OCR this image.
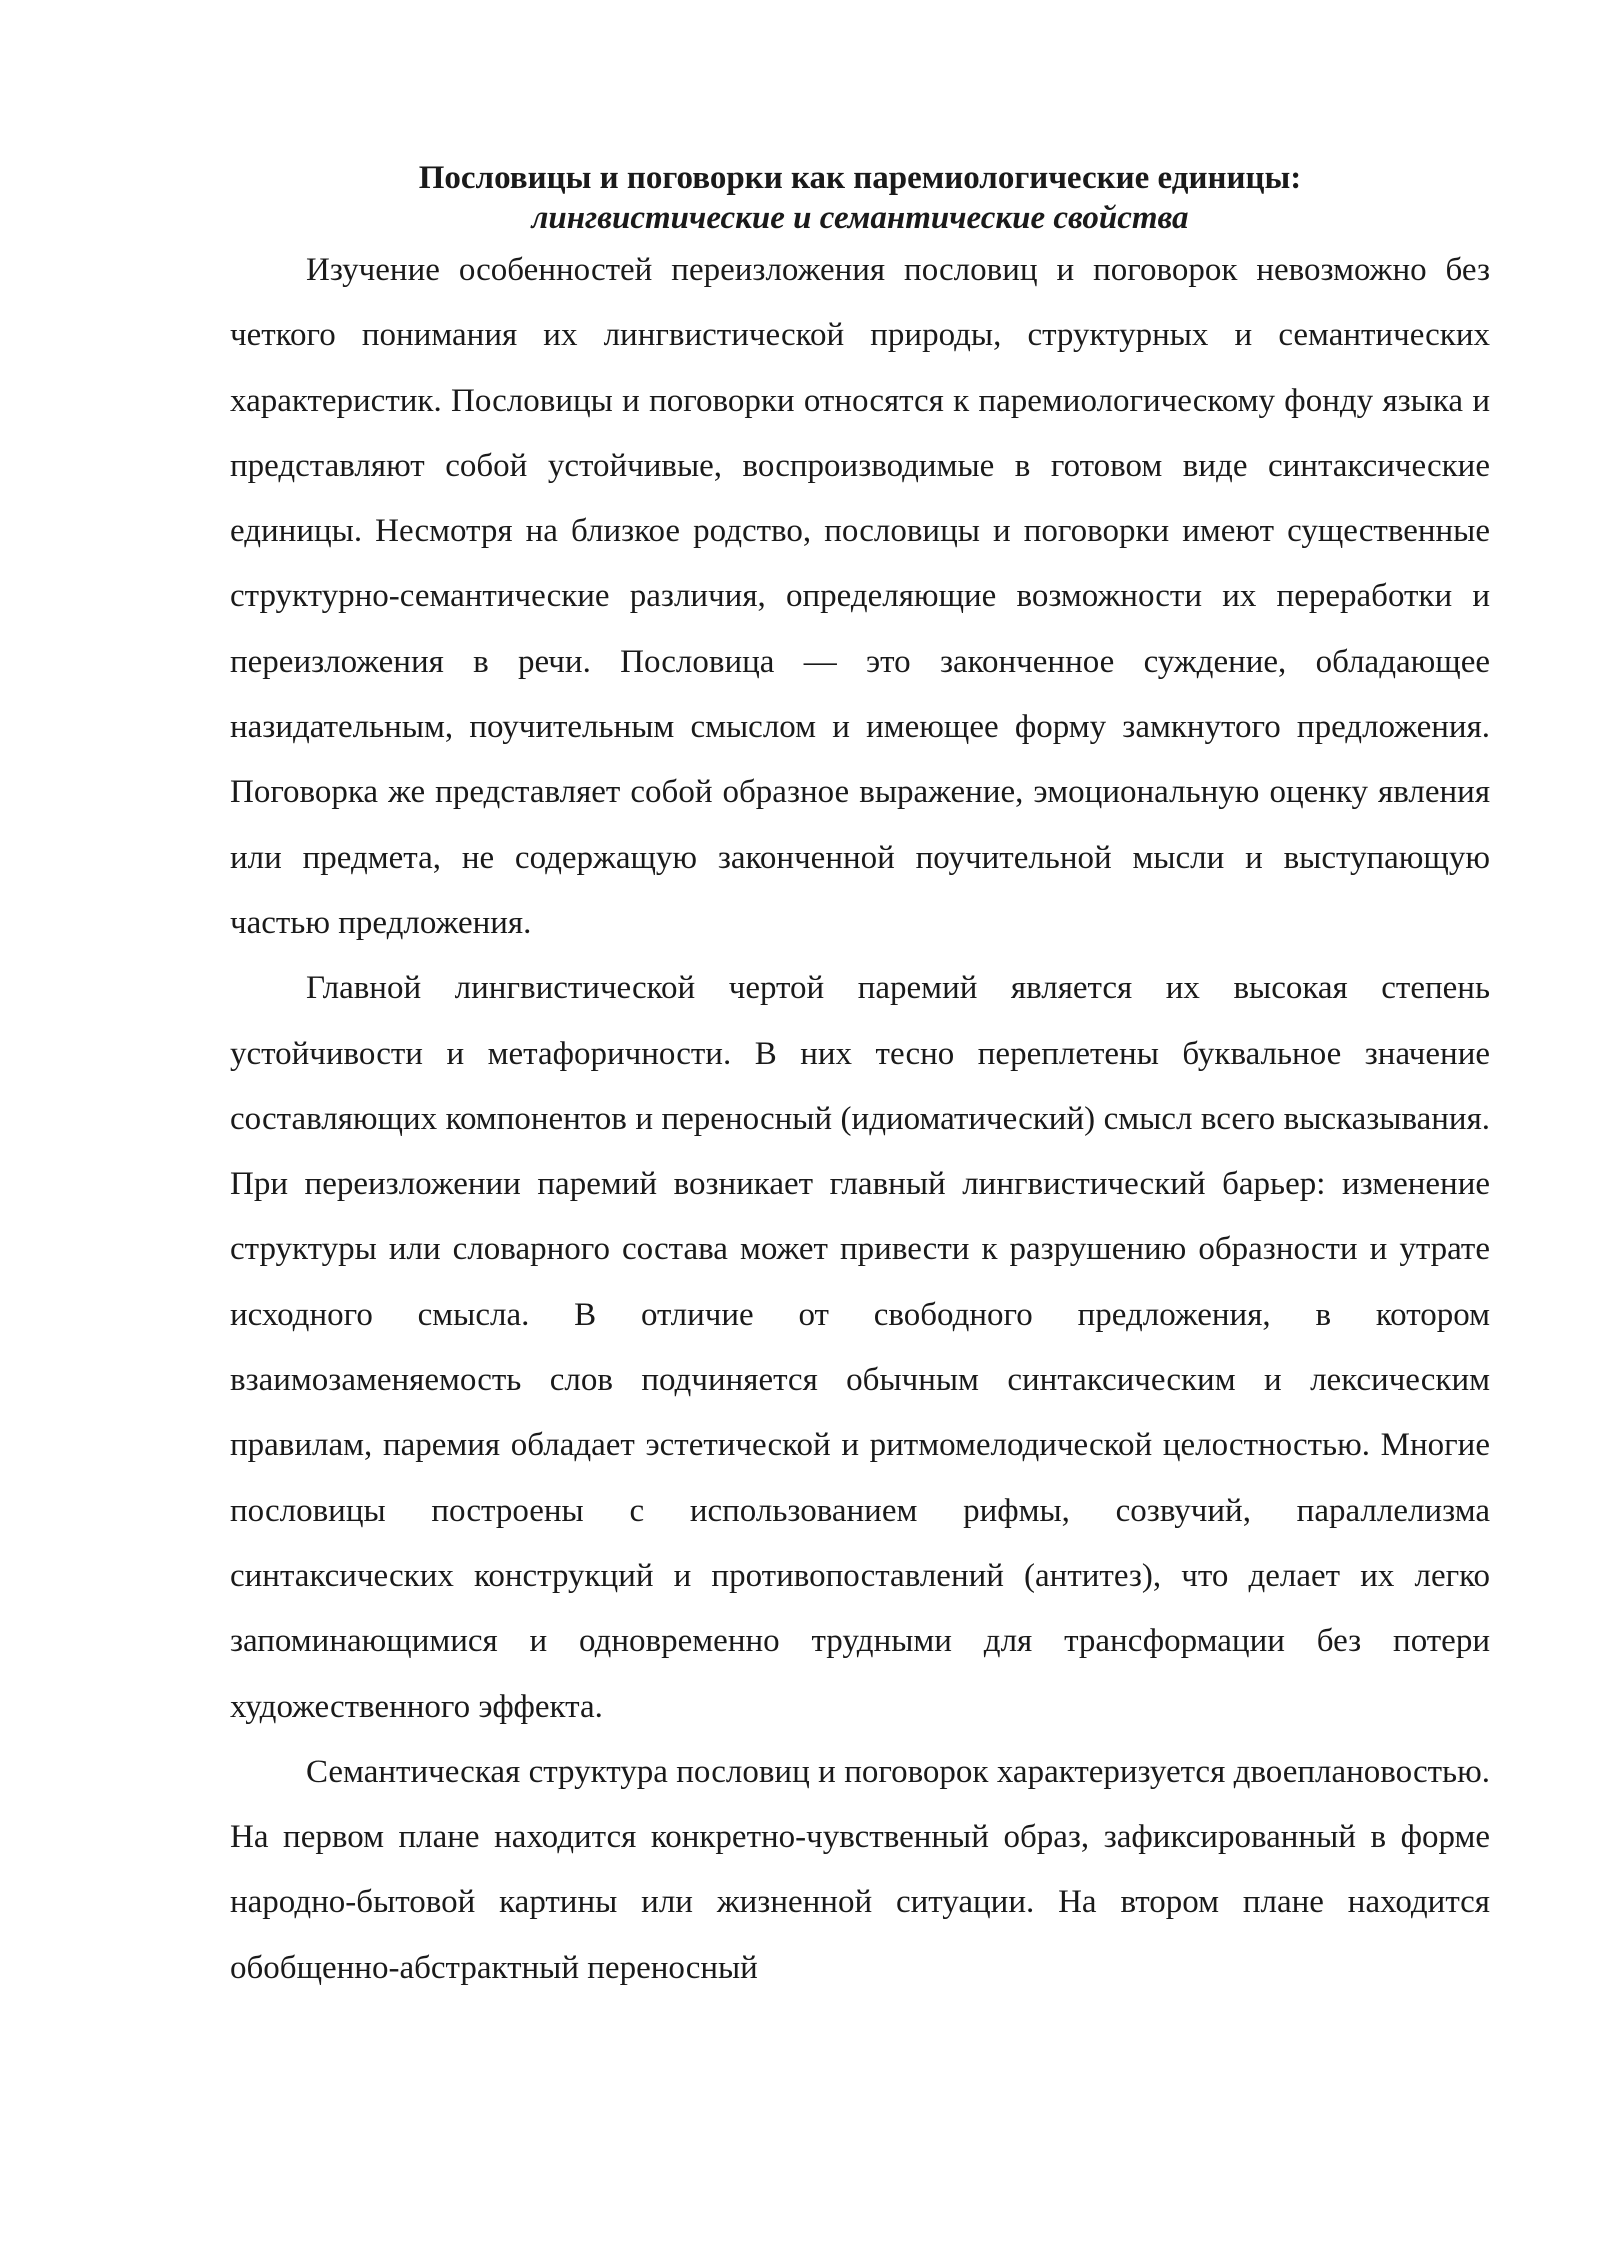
Пословицы и поговорки как паремиологические единицы:
лингвистические и семантические свойства

Изучение особенностей переизложения пословиц и поговорок невозможно без четкого понимания их лингвистической природы, структурных и семантических характеристик. Пословицы и поговорки относятся к паремиологическому фонду языка и представляют собой устойчивые, воспроизводимые в готовом виде синтаксические единицы. Несмотря на близкое родство, пословицы и поговорки имеют существенные структурно-семантические различия, определяющие возможности их переработки и переизложения в речи. Пословица — это законченное суждение, обладающее назидательным, поучительным смыслом и имеющее форму замкнутого предложения. Поговорка же представляет собой образное выражение, эмоциональную оценку явления или предмета, не содержащую законченной поучительной мысли и выступающую частью предложения.

Главной лингвистической чертой паремий является их высокая степень устойчивости и метафоричности. В них тесно переплетены буквальное значение составляющих компонентов и переносный (идиоматический) смысл всего высказывания. При переизложении паремий возникает главный лингвистический барьер: изменение структуры или словарного состава может привести к разрушению образности и утрате исходного смысла. В отличие от свободного предложения, в котором взаимозаменяемость слов подчиняется обычным синтаксическим и лексическим правилам, паремия обладает эстетической и ритмомелодической целостностью. Многие пословицы построены с использованием рифмы, созвучий, параллелизма синтаксических конструкций и противопоставлений (антитез), что делает их легко запоминающимися и одновременно трудными для трансформации без потери художественного эффекта.

Семантическая структура пословиц и поговорок характеризуется двоеплановостью. На первом плане находится конкретно-чувственный образ, зафиксированный в форме народно-бытовой картины или жизненной ситуации. На втором плане находится обобщенно-абстрактный переносный
